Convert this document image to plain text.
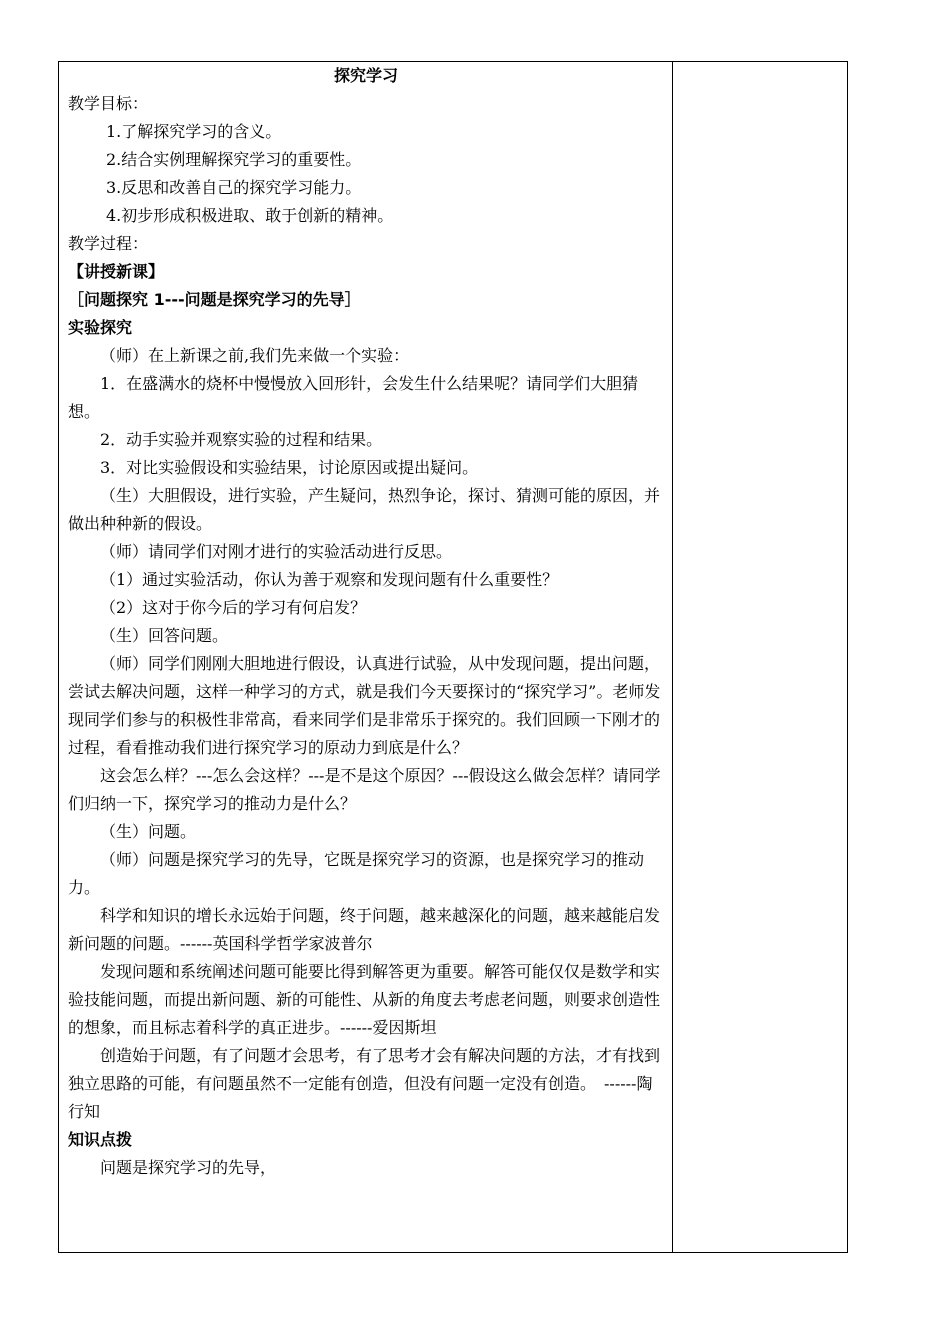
探究学习

教学目标：

1.了解探究学习的含义。

2.结合实例理解探究学习的重要性。

3.反思和改善自己的探究学习能力。

4.初步形成积极进取、敢于创新的精神。

教学过程：

【讲授新课】

［问题探究 1---问题是探究学习的先导］

实验探究

（师）在上新课之前,我们先来做一个实验：

1．在盛满水的烧杯中慢慢放入回形针，会发生什么结果呢？请同学们大胆猜想。

2．动手实验并观察实验的过程和结果。

3．对比实验假设和实验结果，讨论原因或提出疑问。

（生）大胆假设，进行实验，产生疑问，热烈争论，探讨、猜测可能的原因，并做出种种新的假设。

（师）请同学们对刚才进行的实验活动进行反思。

（1）通过实验活动，你认为善于观察和发现问题有什么重要性？

（2）这对于你今后的学习有何启发？

（生）回答问题。

（师）同学们刚刚大胆地进行假设，认真进行试验，从中发现问题，提出问题，尝试去解决问题，这样一种学习的方式，就是我们今天要探讨的“探究学习”。老师发现同学们参与的积极性非常高，看来同学们是非常乐于探究的。我们回顾一下刚才的过程，看看推动我们进行探究学习的原动力到底是什么？

这会怎么样？---怎么会这样？---是不是这个原因？---假设这么做会怎样？请同学们归纳一下，探究学习的推动力是什么？

（生）问题。

（师）问题是探究学习的先导，它既是探究学习的资源，也是探究学习的推动力。

科学和知识的增长永远始于问题，终于问题，越来越深化的问题，越来越能启发新问题的问题。------英国科学哲学家波普尔

发现问题和系统阐述问题可能要比得到解答更为重要。解答可能仅仅是数学和实验技能问题，而提出新问题、新的可能性、从新的角度去考虑老问题，则要求创造性的想象，而且标志着科学的真正进步。------爱因斯坦

创造始于问题，有了问题才会思考，有了思考才会有解决问题的方法，才有找到独立思路的可能，有问题虽然不一定能有创造，但没有问题一定没有创造。　------陶行知

知识点拨

问题是探究学习的先导，
